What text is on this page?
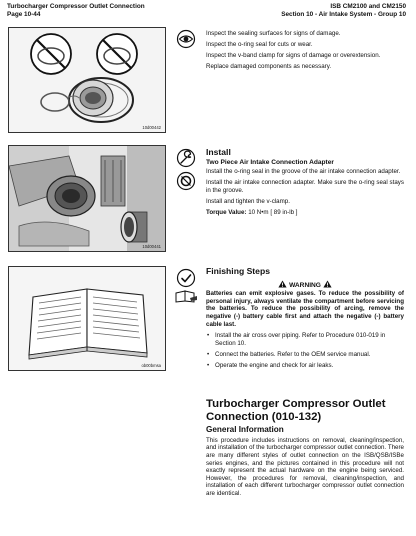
Turbocharger Compressor Outlet Connection
Page 10-44
ISB CM2100 and CM2150
Section 10 - Air Intake System - Group 10
10d00442

Inspect the sealing surfaces for signs of damage.

Inspect the o-ring seal for cuts or wear.

Inspect the v-band clamp for signs of damage or overextension.

Replace damaged components as necessary.

10d00441
Install
Two Piece Air Intake Connection Adapter

Install the o-ring seal in the groove of the air intake connection adapter.

Install the air intake connection adapter. Make sure the o-ring seal stays in the groove.

Install and tighten the v-clamp.

Torque Value: 10 N•m [ 89 in-lb ]

ob00bmsa
Finishing Steps
WARNING

Batteries can emit explosive gases. To reduce the possibility of personal injury, always ventilate the compartment before servicing the batteries. To reduce the possibility of arcing, remove the negative (-) battery cable first and attach the negative (-) battery cable last.

• Install the air cross over piping. Refer to Procedure 010-019 in Section 10.
• Connect the batteries. Refer to the OEM service manual.
• Operate the engine and check for air leaks.
Turbocharger Compressor Outlet Connection (010-132)
General Information

This procedure includes instructions on removal, cleaning/inspection, and installation of the turbocharger compressor outlet connection. There are many different styles of outlet connection on the ISB/QSB/ISBe series engines, and the pictures contained in this procedure will not exactly represent the actual hardware on the engine being serviced. However, the procedures for removal, cleaning/inspection, and installation of each different turbocharger compressor outlet connection are identical.
